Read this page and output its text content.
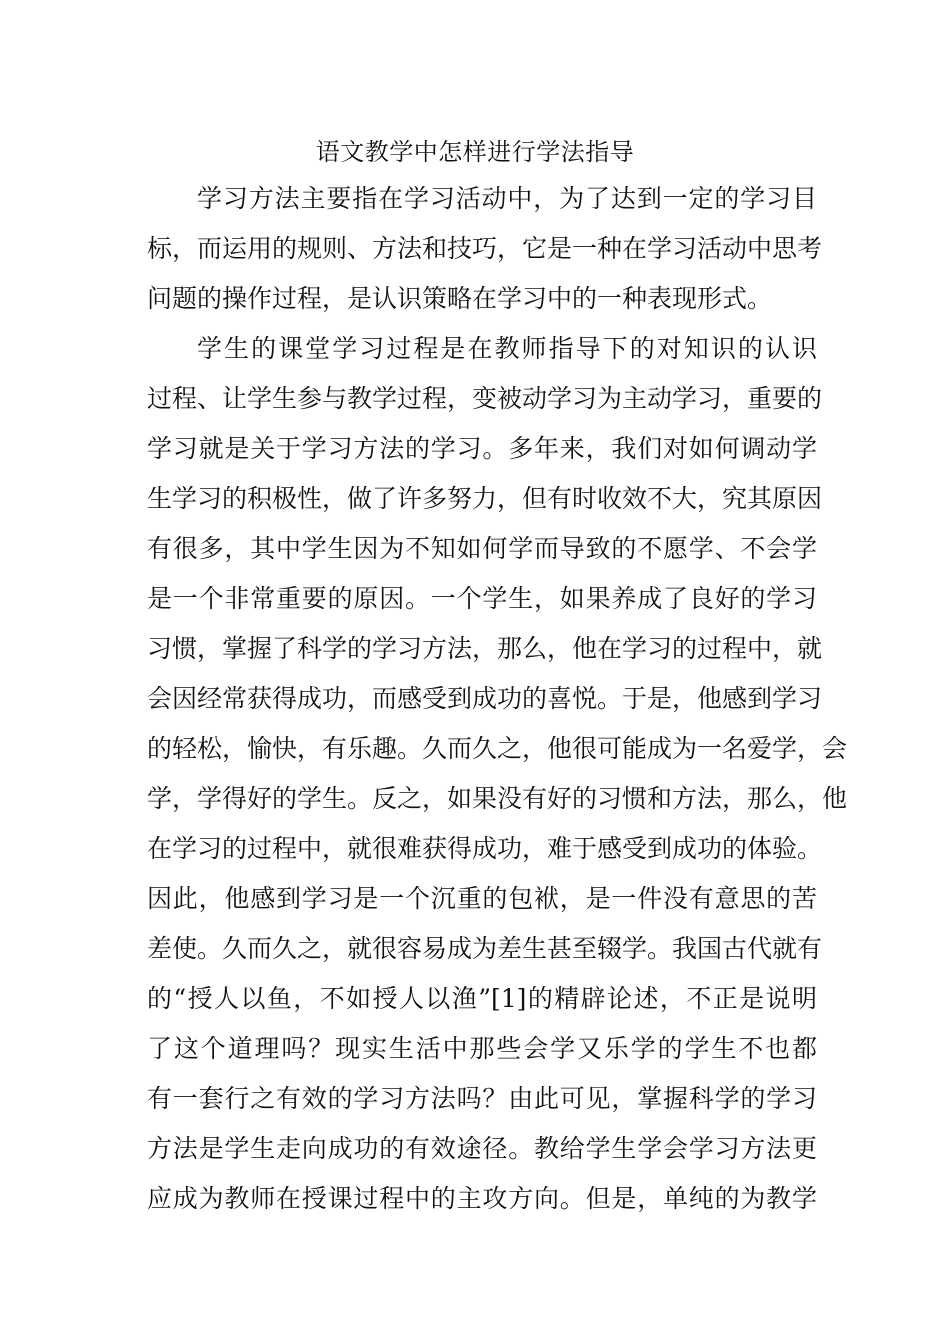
语文教学中怎样进行学法指导

学习方法主要指在学习活动中，为了达到一定的学习目
标，而运用的规则、方法和技巧，它是一种在学习活动中思考
问题的操作过程，是认识策略在学习中的一种表现形式。

学生的课堂学习过程是在教师指导下的对知识的认识
过程、让学生参与教学过程，变被动学习为主动学习，重要的
学习就是关于学习方法的学习。多年来，我们对如何调动学
生学习的积极性，做了许多努力，但有时收效不大，究其原因
有很多，其中学生因为不知如何学而导致的不愿学、不会学
是一个非常重要的原因。一个学生，如果养成了良好的学习
习惯，掌握了科学的学习方法，那么，他在学习的过程中，就
会因经常获得成功，而感受到成功的喜悦。于是，他感到学习
的轻松，愉快，有乐趣。久而久之，他很可能成为一名爱学，会
学，学得好的学生。反之，如果没有好的习惯和方法，那么，他
在学习的过程中，就很难获得成功，难于感受到成功的体验。
因此，他感到学习是一个沉重的包袱，是一件没有意思的苦
差使。久而久之，就很容易成为差生甚至辍学。我国古代就有
的“授人以鱼，不如授人以渔”[1]的精辟论述，不正是说明
了这个道理吗？现实生活中那些会学又乐学的学生不也都
有一套行之有效的学习方法吗？由此可见，掌握科学的学习
方法是学生走向成功的有效途径。教给学生学会学习方法更
应成为教师在授课过程中的主攻方向。但是，单纯的为教学
